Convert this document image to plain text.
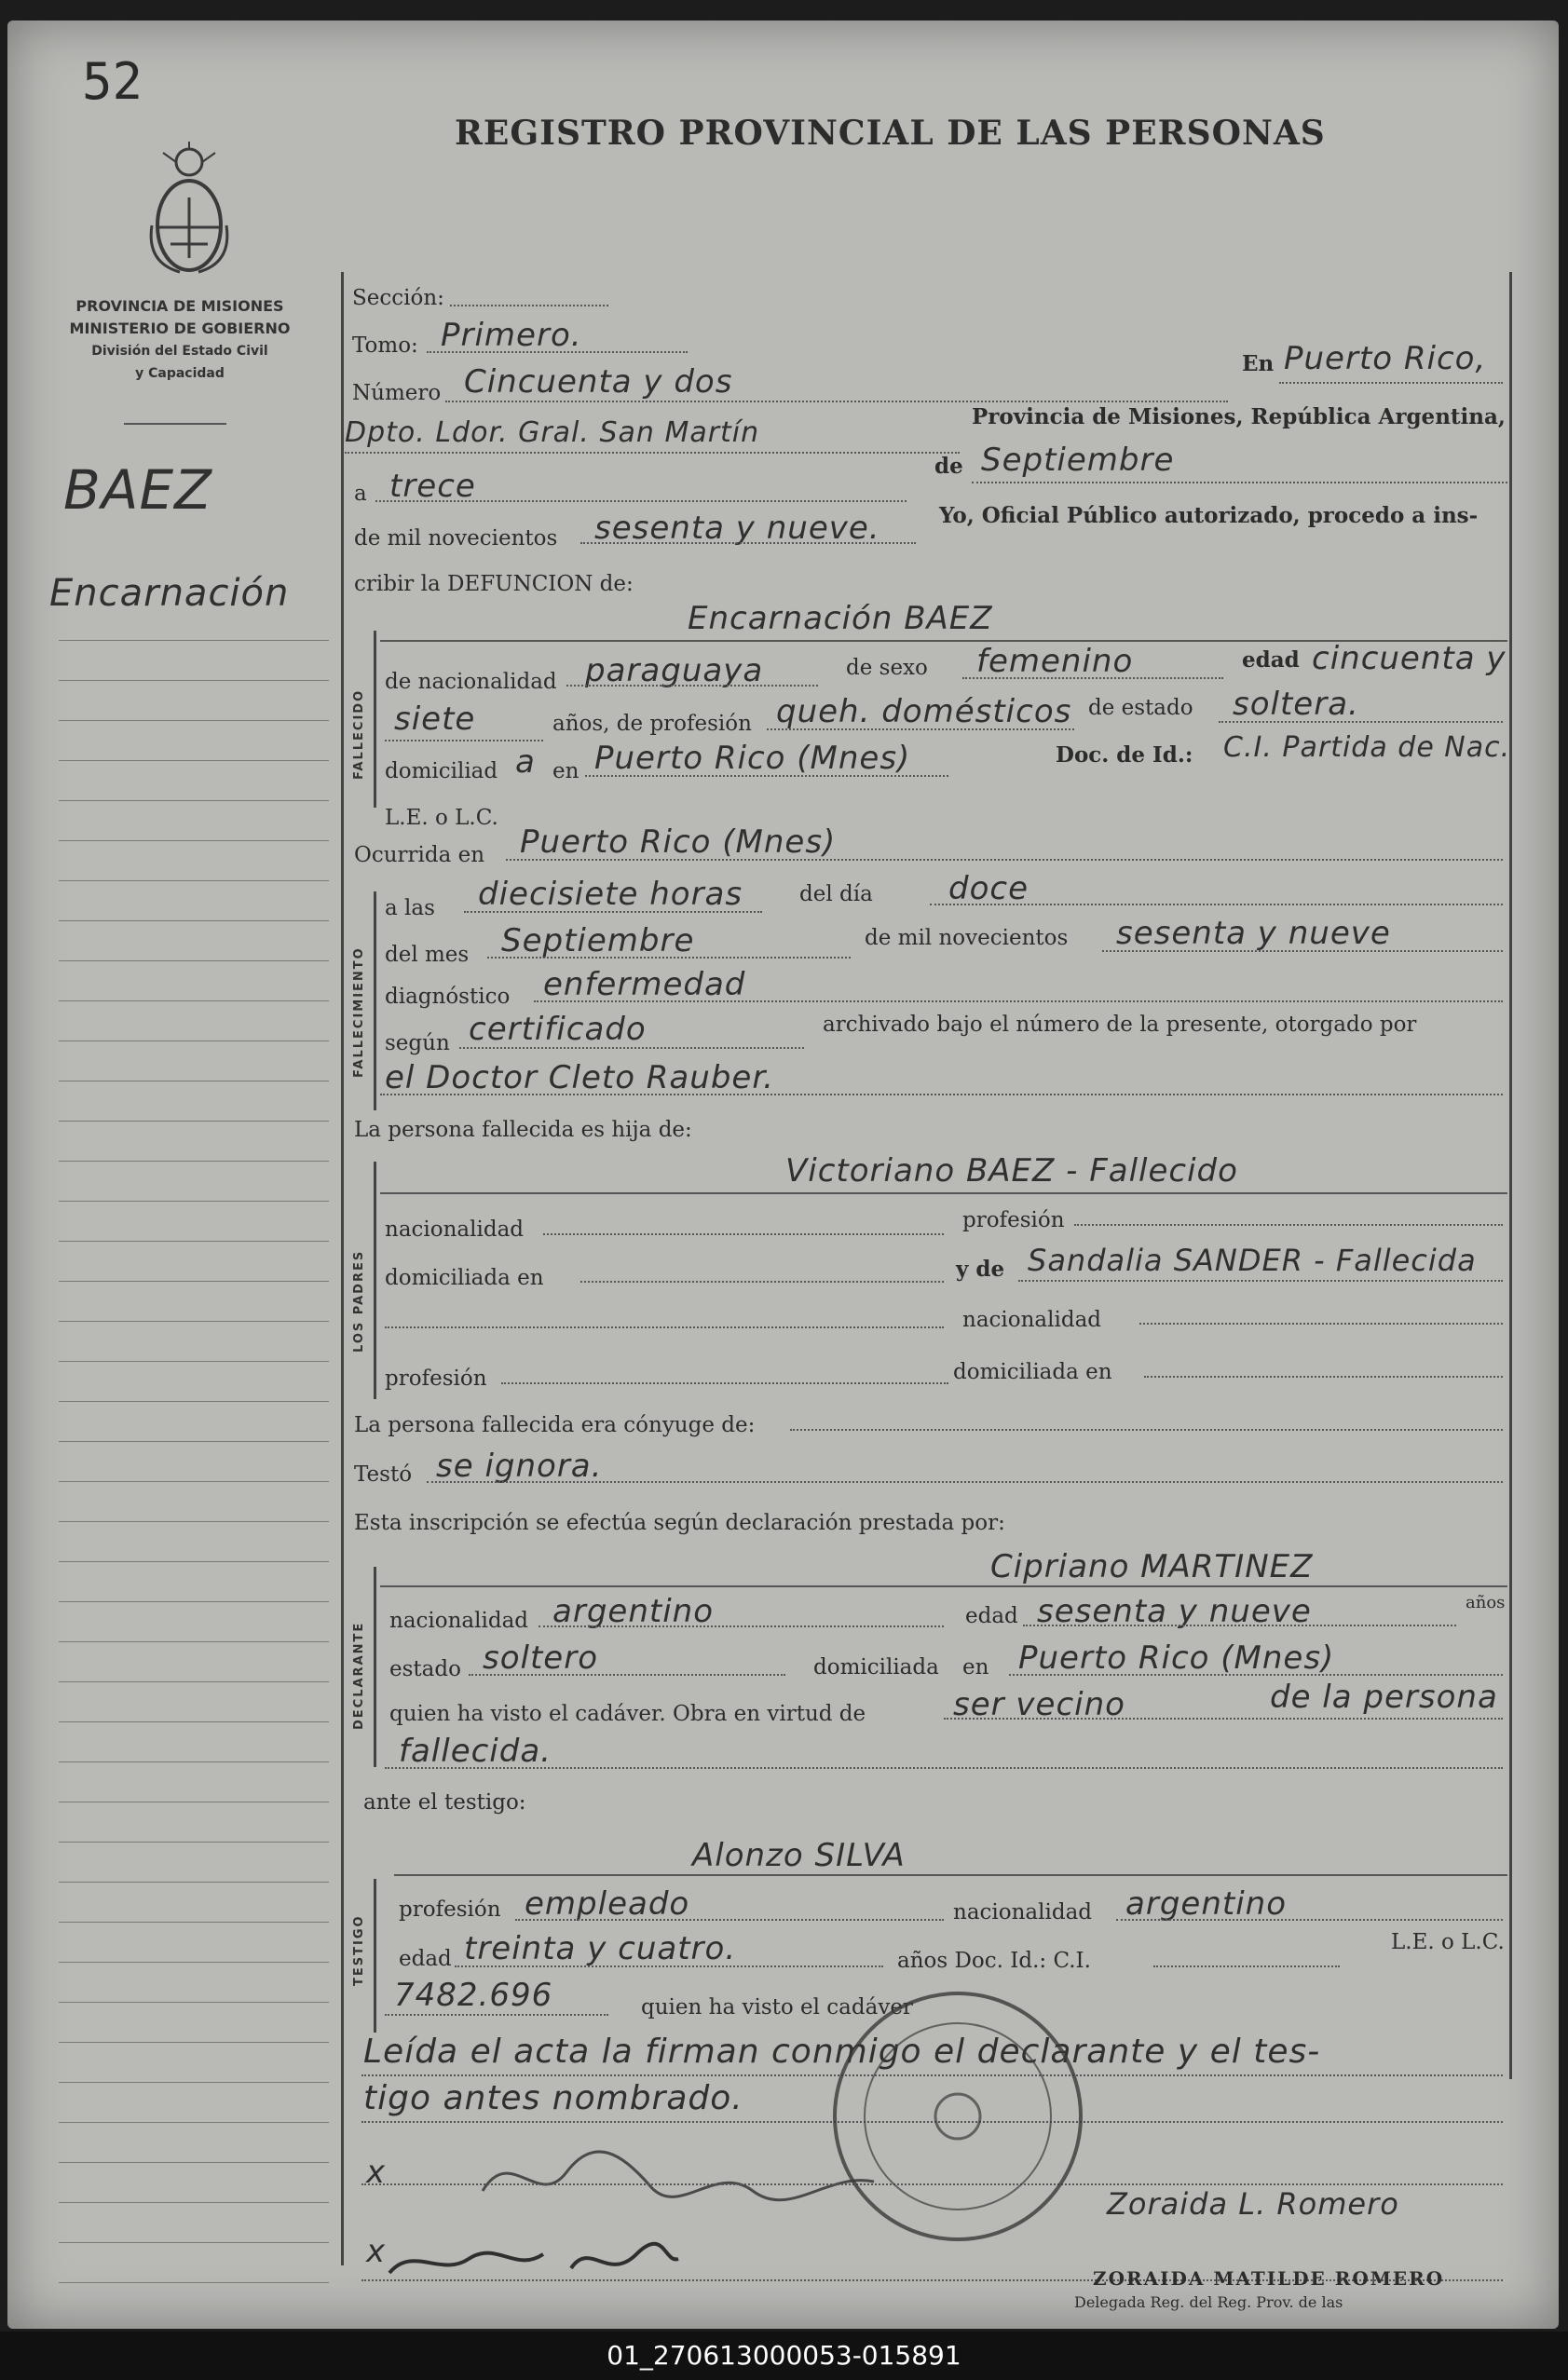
52
REGISTRO PROVINCIAL DE LAS PERSONAS
PROVINCIA DE MISIONES
MINISTERIO DE GOBIERNO
División del Estado Civil
y Capacidad
BAEZ
Encarnación
Sección:
Tomo: Primero.
Número Cincuenta y dos	En Puerto Rico,
Dpto. Ldor. Gral. San Martín	Provincia de Misiones, República Argentina,
a trece
de Septiembre
de mil novecientos sesenta y nueve.	Yo, Oficial Público autorizado, procedo a ins-
cribir la DEFUNCION de:
FALLECIDO
Encarnación BAEZ
de nacionalidad paraguaya	de sexo femenino	edad cincuenta y
siete	años, de profesión queh. domésticos de estado soltera.
domiciliad a en Puerto Rico (Mnes)	Doc. de Id.: C.I. Partida de Nac.
L.E. o L.C.
Ocurrida en Puerto Rico (Mnes)
FALLECIMIENTO
a las diecisiete horas	del día doce
del mes Septiembre	de mil novecientos sesenta y nueve
diagnóstico enfermedad
según certificado	archivado bajo el número de la presente, otorgado por
el Doctor Cleto Rauber.
La persona fallecida es hija de:
LOS PADRES
Victoriano BAEZ - Fallecido
nacionalidad	profesión
domiciliada en	y de Sandalia SANDER - Fallecida
nacionalidad
profesión	domiciliada en
La persona fallecida era cónyuge de:
Testó se ignora.
Esta inscripción se efectúa según declaración prestada por:
DECLARANTE
Cipriano MARTINEZ
nacionalidad argentino	edad sesenta y nueve	años
estado soltero	domiciliada en Puerto Rico (Mnes)
quien ha visto el cadáver. Obra en virtud de	ser vecino	de la persona
fallecida.
ante el testigo:
TESTIGO
Alonzo SILVA
profesión empleado	nacionalidad argentino
edad treinta y cuatro.	años Doc. Id.: C.I.
L.E. o L.C.
7482.696	quien ha visto el cadáver
Leída el acta la firman conmigo el declarante y el tes-
tigo antes nombrado.
x
x
Zoraida L. Romero
ZORAIDA MATILDE ROMERO
Delegada Reg. del Reg. Prov. de las
01_270613000053-015891
